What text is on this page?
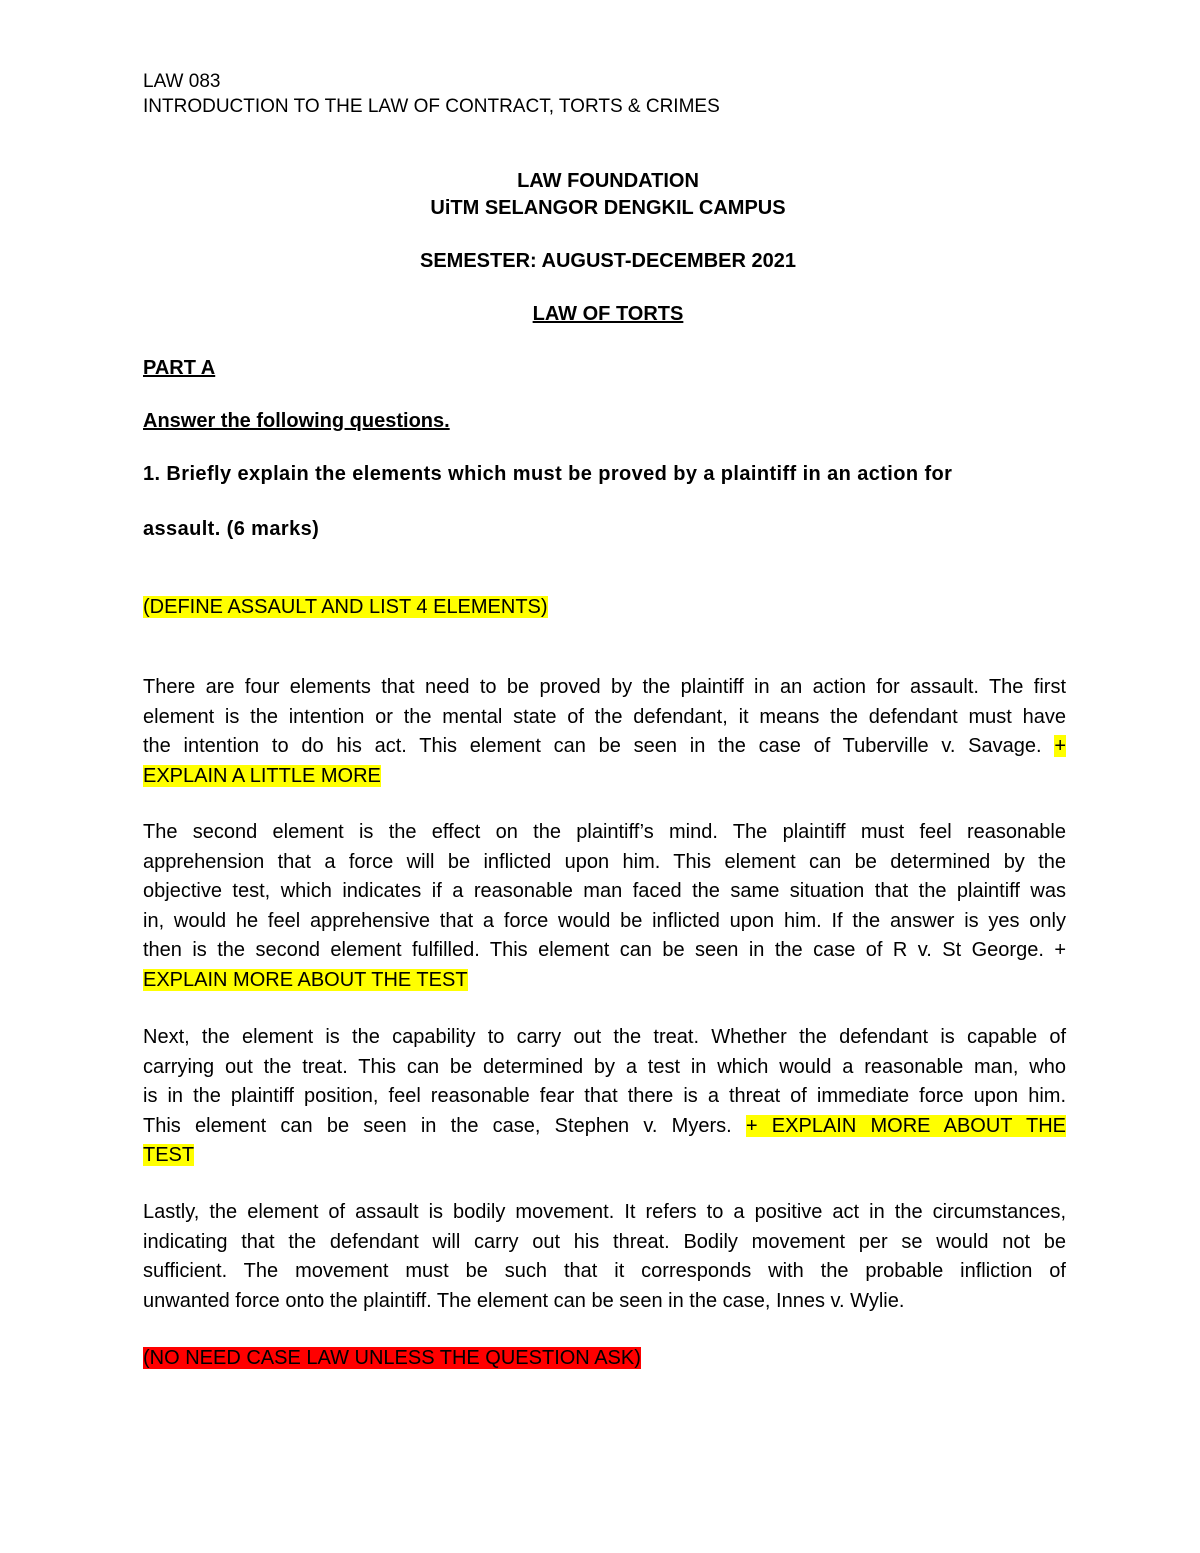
LAW 083
INTRODUCTION TO THE LAW OF CONTRACT, TORTS & CRIMES
LAW FOUNDATION
UiTM SELANGOR DENGKIL CAMPUS
SEMESTER: AUGUST-DECEMBER 2021
LAW OF TORTS
PART A
Answer the following questions.
1. Briefly explain the elements which must be proved by a plaintiff in an action for
assault. (6 marks)
(DEFINE ASSAULT AND LIST 4 ELEMENTS)
There are four elements that need to be proved by the plaintiff in an action for assault. The first
element is the intention or the mental state of the defendant, it means the defendant must have
the intention to do his act. This element can be seen in the case of Tuberville v. Savage. +
EXPLAIN A LITTLE MORE
The second element is the effect on the plaintiff’s mind. The plaintiff must feel reasonable
apprehension that a force will be inflicted upon him. This element can be determined by the
objective test, which indicates if a reasonable man faced the same situation that the plaintiff was
in, would he feel apprehensive that a force would be inflicted upon him. If the answer is yes only
then is the second element fulfilled. This element can be seen in the case of R v. St George. +
EXPLAIN MORE ABOUT THE TEST
Next, the element is the capability to carry out the treat. Whether the defendant is capable of
carrying out the treat. This can be determined by a test in which would a reasonable man, who
is in the plaintiff position, feel reasonable fear that there is a threat of immediate force upon him.
This element can be seen in the case, Stephen v. Myers. + EXPLAIN MORE ABOUT THE
TEST
Lastly, the element of assault is bodily movement. It refers to a positive act in the circumstances,
indicating that the defendant will carry out his threat. Bodily movement per se would not be
sufficient. The movement must be such that it corresponds with the probable infliction of
unwanted force onto the plaintiff. The element can be seen in the case, Innes v. Wylie.
(NO NEED CASE LAW UNLESS THE QUESTION ASK)
